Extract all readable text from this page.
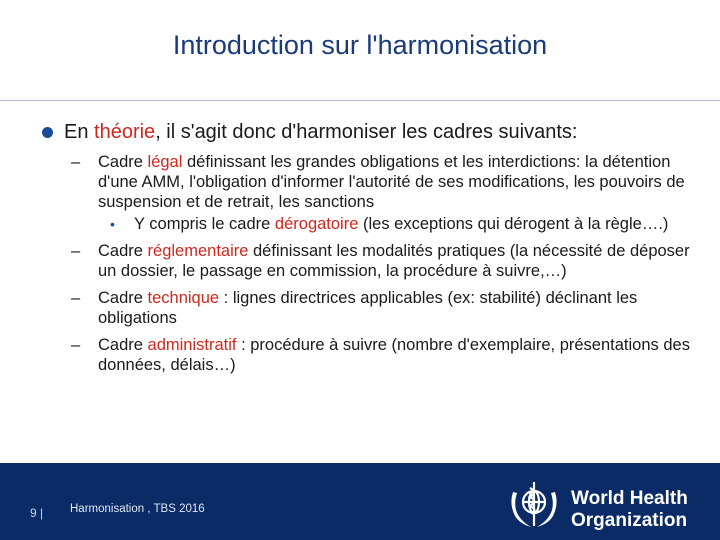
Introduction sur l'harmonisation
En théorie, il s'agit donc d'harmoniser les cadres suivants:
– Cadre légal définissant les grandes obligations et les interdictions: la détention d'une AMM, l'obligation d'informer l'autorité de ses modifications, les pouvoirs de suspension et de retrait, les sanctions
• Y compris le cadre dérogatoire (les exceptions qui dérogent à la règle….)
– Cadre réglementaire définissant les modalités pratiques (la nécessité de déposer un dossier, le passage en commission, la procédure à suivre,…)
– Cadre technique : lignes directrices applicables (ex: stabilité) déclinant les obligations
– Cadre administratif : procédure à suivre (nombre d'exemplaire, présentations des données, délais…)
9 | Harmonisation , TBS 2016	World Health
Organization
